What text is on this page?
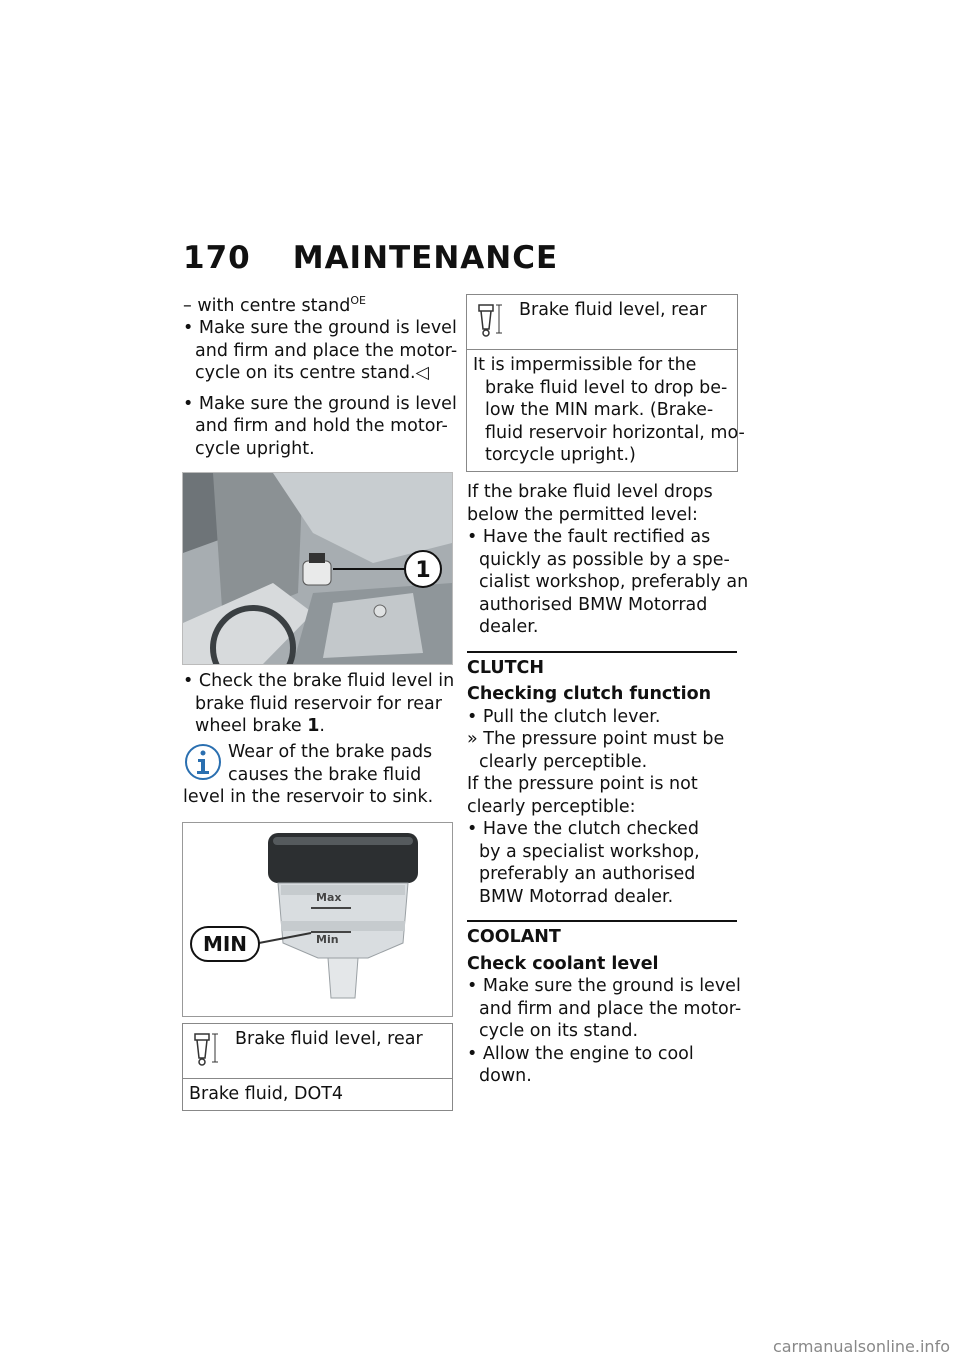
170 MAINTENANCE
– with centre stand$^{OE}$
• Make sure the ground is level
and firm and place the motor-
cycle on its centre stand.◁
• Make sure the ground is level
and firm and hold the motor-
cycle upright.
1
• Check the brake fluid level in
brake fluid reservoir for rear
wheel brake 1.
Wear of the brake pads
causes the brake fluid
level in the reservoir to sink.
Max
Min
MIN
Brake fluid level, rear
Brake fluid, DOT4
Brake fluid level, rear
It is impermissible for the
brake fluid level to drop be-
low the MIN mark. (Brake-
fluid reservoir horizontal, mo-
torcycle upright.)
If the brake fluid level drops
below the permitted level:
• Have the fault rectified as
quickly as possible by a spe-
cialist workshop, preferably an
authorised BMW Motorrad
dealer.
CLUTCH
Checking clutch function
• Pull the clutch lever.
» The pressure point must be
clearly perceptible.
If the pressure point is not
clearly perceptible:
• Have the clutch checked
by a specialist workshop,
preferably an authorised
BMW Motorrad dealer.
COOLANT
Check coolant level
• Make sure the ground is level
and firm and place the motor-
cycle on its stand.
• Allow the engine to cool
down.
carmanualsonline.info
